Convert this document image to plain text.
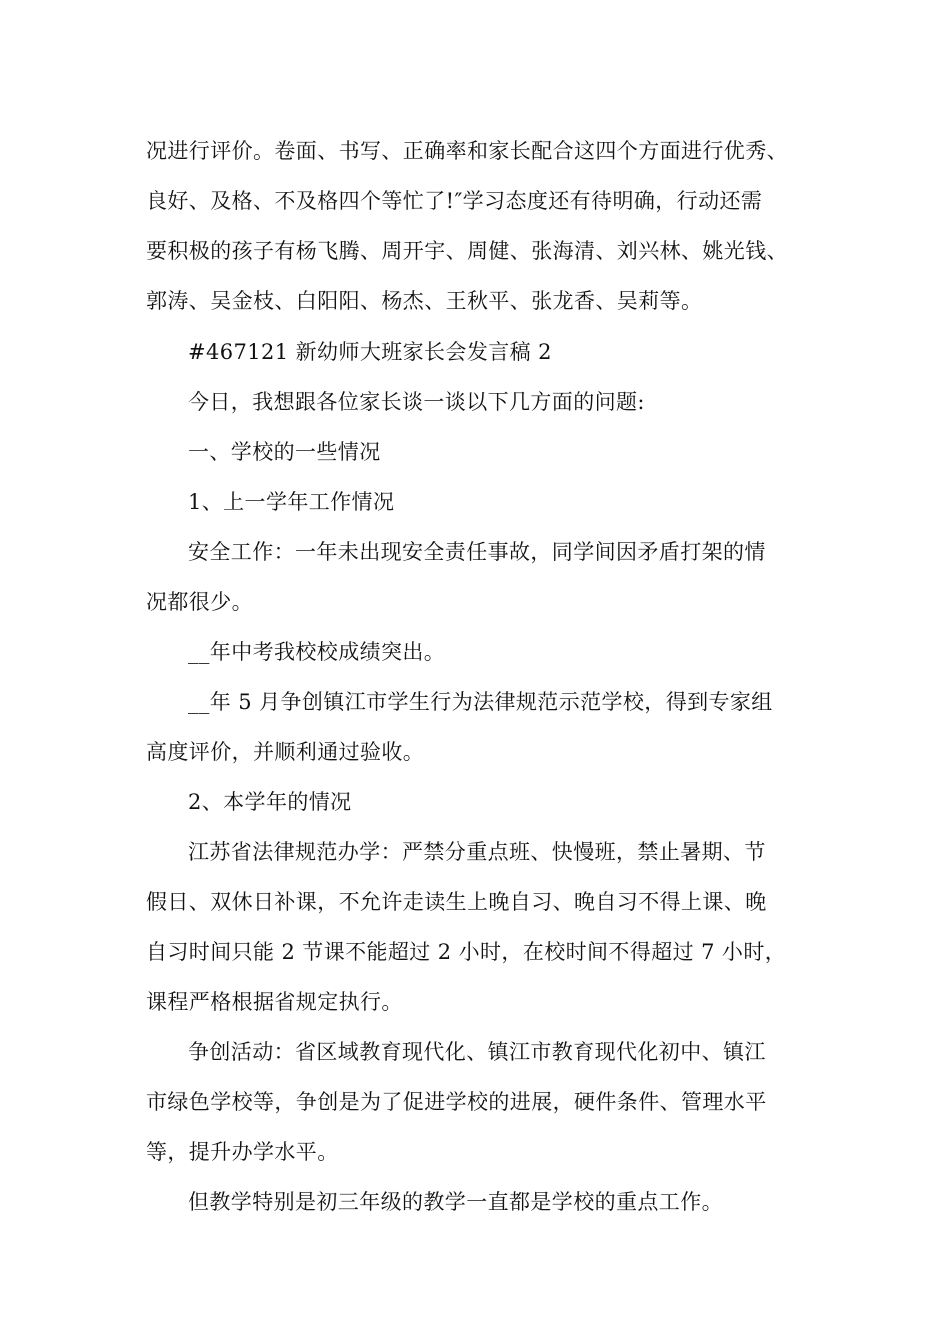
况进行评价。卷面、书写、正确率和家长配合这四个方面进行优秀、
良好、及格、不及格四个等忙了!″学习态度还有待明确，行动还需
要积极的孩子有杨飞腾、周开宇、周健、张海清、刘兴林、姚光钱、
郭涛、吴金枝、白阳阳、杨杰、王秋平、张龙香、吴莉等。
#467121 新幼师大班家长会发言稿 2
今日，我想跟各位家长谈一谈以下几方面的问题:
一、学校的一些情况
1、上一学年工作情况
安全工作：一年未出现安全责任事故，同学间因矛盾打架的情
况都很少。
__年中考我校校成绩突出。
__年 5 月争创镇江市学生行为法律规范示范学校，得到专家组
高度评价，并顺利通过验收。
2、本学年的情况
江苏省法律规范办学：严禁分重点班、快慢班，禁止暑期、节
假日、双休日补课，不允许走读生上晚自习、晚自习不得上课、晚
自习时间只能 2 节课不能超过 2 小时，在校时间不得超过 7 小时，
课程严格根据省规定执行。
争创活动：省区域教育现代化、镇江市教育现代化初中、镇江
市绿色学校等，争创是为了促进学校的进展，硬件条件、管理水平
等，提升办学水平。
但教学特别是初三年级的教学一直都是学校的重点工作。
